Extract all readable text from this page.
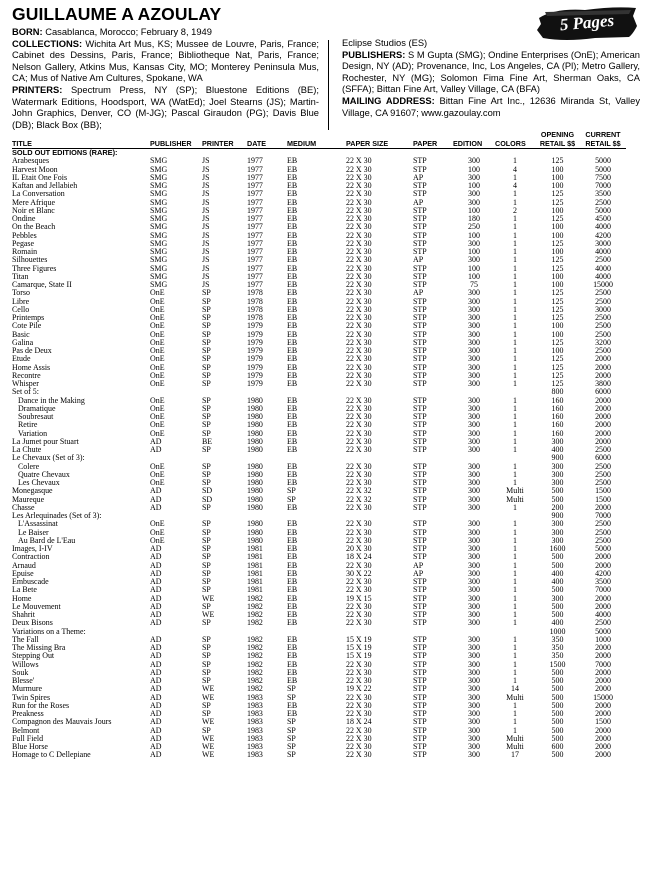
GUILLAUME A AZOULAY	5 Pages

BORN: Casablanca, Morocco; February 8, 1949

COLLECTIONS: Wichita Art Mus, KS; Mussee de Louvre, Paris, France; Cabinet des Dessins, Paris, France; Bibliotheque Nat, Paris, France; Nelson Gallery, Atkins Mus, Kansas City, MO; Monterey Peninsula Mus, CA; Mus of Native Am Cultures, Spokane, WA

PRINTERS: Spectrum Press, NY (SP); Bluestone Editions (BE); Watermark Editions, Hoodsport, WA (WatEd); Joel Stearns (JS); Martin-John Graphics, Denver, CO (M-JG); Pascal Giraudon (PG); Davis Blue (DB); Black Box (BB);

Eclipse Studios (ES)

PUBLISHERS: S M Gupta (SMG); Ondine Enterprises (OnE); American Design, NY (AD); Provenance, Inc, Los Angeles, CA (Pl); Metro Gallery, Rochester, NY (MG); Solomon Fima Fine Art, Sherman Oaks, CA (SFFA); Bittan Fine Art, Valley Village, CA (BFA)

MAILING ADDRESS: Bittan Fine Art Inc., 12636 Miranda St, Valley Village, CA 91607; www.gazoulay.com

TITLE	PUBLISHER	PRINTER	DATE	MEDIUM	PAPER SIZE	PAPER	EDITION	COLORS	OPENING RETAIL $$	CURRENT RETAIL $$
SOLD OUT EDITIONS (RARE):										
Arabesques	SMG	JS	1977	EB	22 X 30	STP	300	1	125	5000
Harvest Moon	SMG	JS	1977	EB	22 X 30	STP	100	4	100	5000
IL Etait One Fois	SMG	JS	1977	EB	22 X 30	AP	300	1	100	7500
Kaftan and Jellabieh	SMG	JS	1977	EB	22 X 30	STP	100	4	100	7000
La Conversation	SMG	JS	1977	EB	22 X 30	STP	300	1	125	3500
Mere Afrique	SMG	JS	1977	EB	22 X 30	AP	300	1	125	2500
Noir et Blanc	SMG	JS	1977	EB	22 X 30	STP	100	2	100	5000
Ondine	SMG	JS	1977	EB	22 X 30	STP	180	1	125	4500
On the Beach	SMG	JS	1977	EB	22 X 30	STP	250	1	100	4000
Pebbles	SMG	JS	1977	EB	22 X 30	STP	100	1	100	4200
Pegase	SMG	JS	1977	EB	22 X 30	STP	300	1	125	3000
Romain	SMG	JS	1977	EB	22 X 30	STP	100	1	100	4000
Silhouettes	SMG	JS	1977	EB	22 X 30	AP	300	1	125	2500
Three Figures	SMG	JS	1977	EB	22 X 30	STP	100	1	125	4000
Titan	SMG	JS	1977	EB	22 X 30	STP	100	1	100	4000
Camarque, State II	SMG	JS	1977	EB	22 X 30	STP	75	1	100	15000
Torso	OnE	SP	1978	EB	22 X 30	AP	300	1	125	2500
Libre	OnE	SP	1978	EB	22 X 30	STP	300	1	125	2500
Cello	OnE	SP	1978	EB	22 X 30	STP	300	1	125	3000
Printemps	OnE	SP	1978	EB	22 X 30	STP	300	1	125	2500
Cote Pile	OnE	SP	1979	EB	22 X 30	STP	300	1	100	2500
Basic	OnE	SP	1979	EB	22 X 30	STP	300	1	100	2500
Galina	OnE	SP	1979	EB	22 X 30	STP	300	1	125	3200
Pas de Deux	OnE	SP	1979	EB	22 X 30	STP	300	1	100	2500
Etude	OnE	SP	1979	EB	22 X 30	STP	300	1	125	2000
Home Assis	OnE	SP	1979	EB	22 X 30	STP	300	1	125	2000
Recontre	OnE	SP	1979	EB	22 X 30	STP	300	1	125	2000
Whisper	OnE	SP	1979	EB	22 X 30	STP	300	1	125	3800
Set of 5:									800	6000
Dance in the Making	OnE	SP	1980	EB	22 X 30	STP	300	1	160	2000
Dramatique	OnE	SP	1980	EB	22 X 30	STP	300	1	160	2000
Soubresaut	OnE	SP	1980	EB	22 X 30	STP	300	1	160	2000
Retire	OnE	SP	1980	EB	22 X 30	STP	300	1	160	2000
Variation	OnE	SP	1980	EB	22 X 30	STP	300	1	160	2000
La Jumet pour Stuart	AD	BE	1980	EB	22 X 30	STP	300	1	300	2000
La Chute	AD	SP	1980	EB	22 X 30	STP	300	1	400	2500
Le Chevaux (Set of 3):									900	6000
Colere	OnE	SP	1980	EB	22 X 30	STP	300	1	300	2500
Quatre Chevaux	OnE	SP	1980	EB	22 X 30	STP	300	1	300	2500
Les Chevaux	OnE	SP	1980	EB	22 X 30	STP	300	1	300	2500
Monegasque	AD	SD	1980	SP	22 X 32	STP	300	Multi	500	1500
Maureque	AD	SD	1980	SP	22 X 32	STP	300	Multi	500	1500
Chasse	AD	SP	1980	EB	22 X 30	STP	300	1	200	2000
Les Arlequinades (Set of 3):									900	7000
L'Assassinat	OnE	SP	1980	EB	22 X 30	STP	300	1	300	2500
Le Baiser	OnE	SP	1980	EB	22 X 30	STP	300	1	300	2500
Au Bard de L'Eau	OnE	SP	1980	EB	22 X 30	STP	300	1	300	2500
Images, I-IV	AD	SP	1981	EB	20 X 30	STP	300	1	1600	5000
Contraction	AD	SP	1981	EB	18 X 24	STP	300	1	500	2000
Arnaud	AD	SP	1981	EB	22 X 30	AP	300	1	500	2000
Epuise	AD	SP	1981	EB	30 X 22	AP	300	1	400	4200
Embuscade	AD	SP	1981	EB	22 X 30	STP	300	1	400	3500
La Bete	AD	SP	1981	EB	22 X 30	STP	300	1	500	7000
Home	AD	WE	1982	EB	19 X 15	STP	300	1	300	2000
Le Mouvement	AD	SP	1982	EB	22 X 30	STP	300	1	500	2000
Shahrit	AD	WE	1982	EB	22 X 30	STP	300	1	500	4000
Deux Bisons	AD	SP	1982	EB	22 X 30	STP	300	1	400	2500
Variations on a Theme:									1000	5000
The Fall	AD	SP	1982	EB	15 X 19	STP	300	1	350	1000
The Missing Bra	AD	SP	1982	EB	15 X 19	STP	300	1	350	2000
Stepping Out	AD	SP	1982	EB	15 X 19	STP	300	1	350	2000
Willows	AD	SP	1982	EB	22 X 30	STP	300	1	1500	7000
Souk	AD	SP	1982	EB	22 X 30	STP	300	1	500	2000
Blesse'	AD	SP	1982	EB	22 X 30	STP	300	1	500	2000
Murmure	AD	WE	1982	SP	19 X 22	STP	300	14	500	2000
Twin Spires	AD	WE	1983	SP	22 X 30	STP	300	Multi	500	15000
Run for the Roses	AD	SP	1983	EB	22 X 30	STP	300	1	500	2000
Preakness	AD	SP	1983	EB	22 X 30	STP	300	1	500	2000
Compagnon des Mauvais Jours	AD	WE	1983	SP	18 X 24	STP	300	1	500	1500
Belmont	AD	SP	1983	SP	22 X 30	STP	300	1	500	2000
Full Field	AD	WE	1983	SP	22 X 30	STP	300	Multi	500	2000
Blue Horse	AD	WE	1983	SP	22 X 30	STP	300	Multi	600	2000
Homage to C Dellepiane	AD	WE	1983	SP	22 X 30	STP	300	17	500	2000
